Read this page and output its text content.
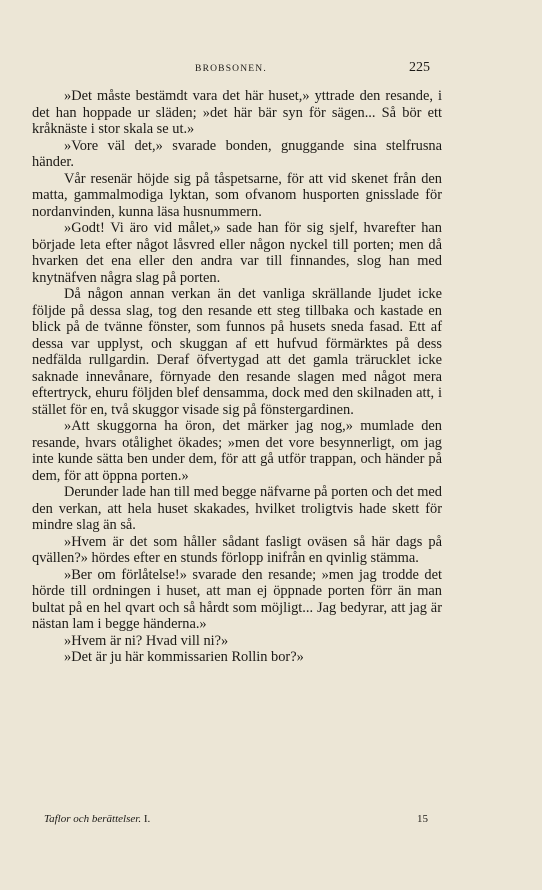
BROBSONEN.	225

»Det måste bestämdt vara det här huset,» yttrade den resande, i det han hoppade ur släden; »det här bär syn för sägen... Så bör ett kråknäste i stor skala se ut.»

»Vore väl det,» svarade bonden, gnuggande sina stelfrusna händer.

Vår resenär höjde sig på tåspetsarne, för att vid skenet från den matta, gammalmodiga lyktan, som ofvanom husporten gnisslade för nordanvinden, kunna läsa husnummern.

»Godt! Vi äro vid målet,» sade han för sig sjelf, hvarefter han började leta efter något låsvred eller någon nyckel till porten; men då hvarken det ena eller den andra var till finnandes, slog han med knytnäfven några slag på porten.

Då någon annan verkan än det vanliga skrällande ljudet icke följde på dessa slag, tog den resande ett steg tillbaka och kastade en blick på de tvänne fönster, som funnos på husets sneda fasad. Ett af dessa var upplyst, och skuggan af ett hufvud förmärktes på dess nedfälda rullgardin. Deraf öfvertygad att det gamla trärucklet icke saknade innevånare, förnyade den resande slagen med något mera eftertryck, ehuru följden blef densamma, dock med den skilnaden att, i stället för en, två skuggor visade sig på fönstergardinen.

»Att skuggorna ha öron, det märker jag nog,» mumlade den resande, hvars otålighet ökades; »men det vore besynnerligt, om jag inte kunde sätta ben under dem, för att gå utför trappan, och händer på dem, för att öppna porten.»

Derunder lade han till med begge näfvarne på porten och det med den verkan, att hela huset skakades, hvilket troligtvis hade skett för mindre slag än så.

»Hvem är det som håller sådant fasligt oväsen så här dags på qvällen?» hördes efter en stunds förlopp inifrån en qvinlig stämma.

»Ber om förlåtelse!» svarade den resande; »men jag trodde det hörde till ordningen i huset, att man ej öppnade porten förr än man bultat på en hel qvart och så hårdt som möjligt... Jag bedyrar, att jag är nästan lam i begge händerna.»

»Hvem är ni? Hvad vill ni?»

»Det är ju här kommissarien Rollin bor?»

Taflor och berättelser. I.	15
